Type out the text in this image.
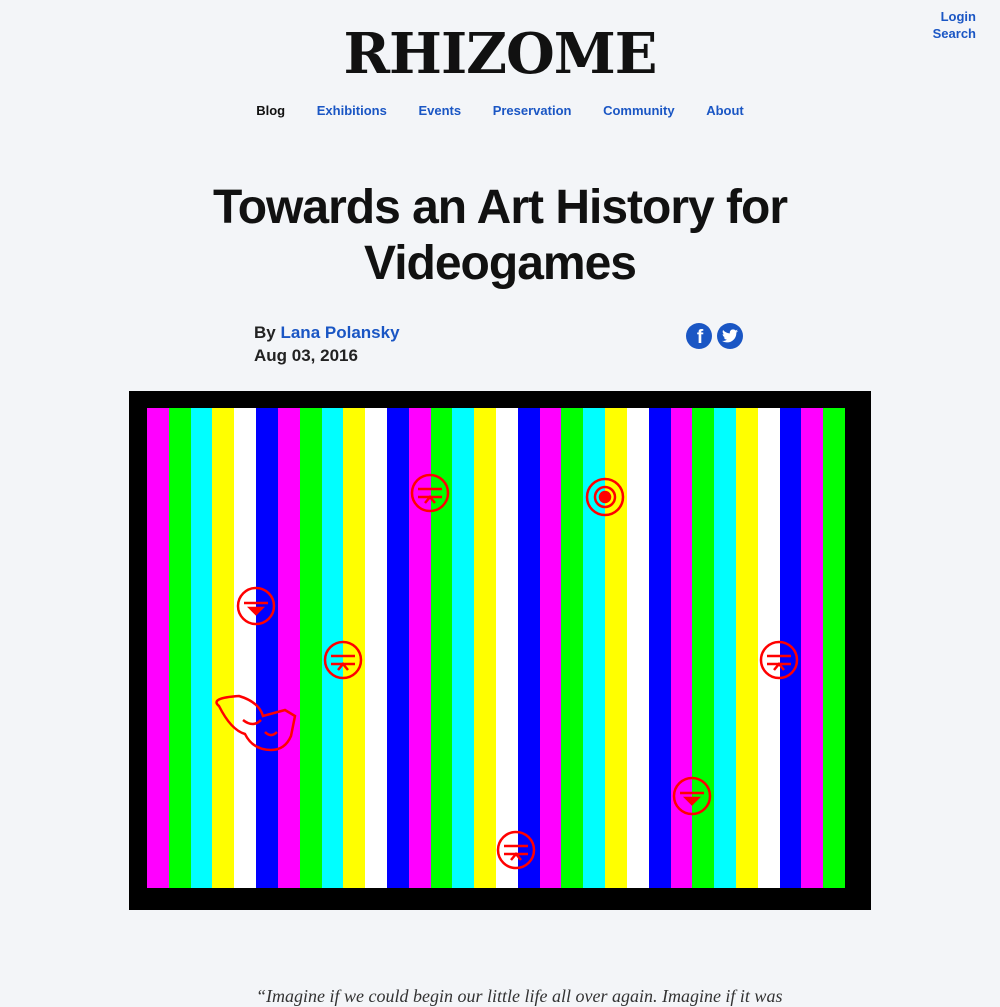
Login
Search
RHIZOME
Blog Exhibitions Events Preservation Community About
Towards an Art History for Videogames
By Lana Polansky
Aug 03, 2016
f
“Imagine if we could begin our little life all over again. Imagine if it was
